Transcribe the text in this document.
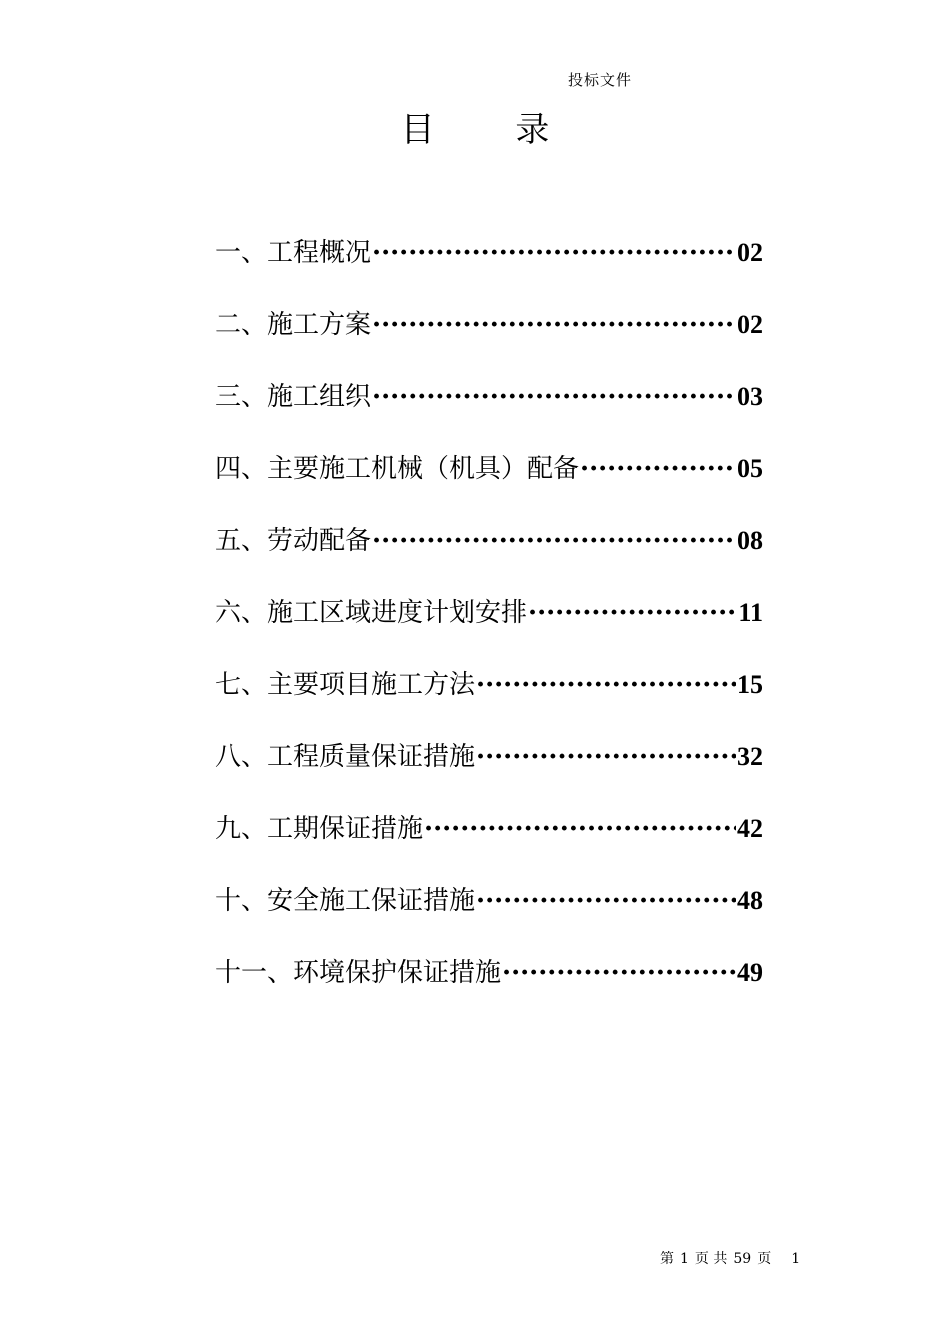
投标文件
目 录
一、工程概况 ·····	02
二、施工方案 ·····	02
三、施工组织 ·····	03
四、主要施工机械（机具）配备 ·····	05
五、劳动配备 ·····	08
六、施工区域进度计划安排 ·····	11
七、主要项目施工方法 ·····	15
八、工程质量保证措施 ·····	32
九、工期保证措施 ·····	42
十、安全施工保证措施 ·····	48
十一、环境保护保证措施 ·····	49
第 1 页 共 59 页 1
